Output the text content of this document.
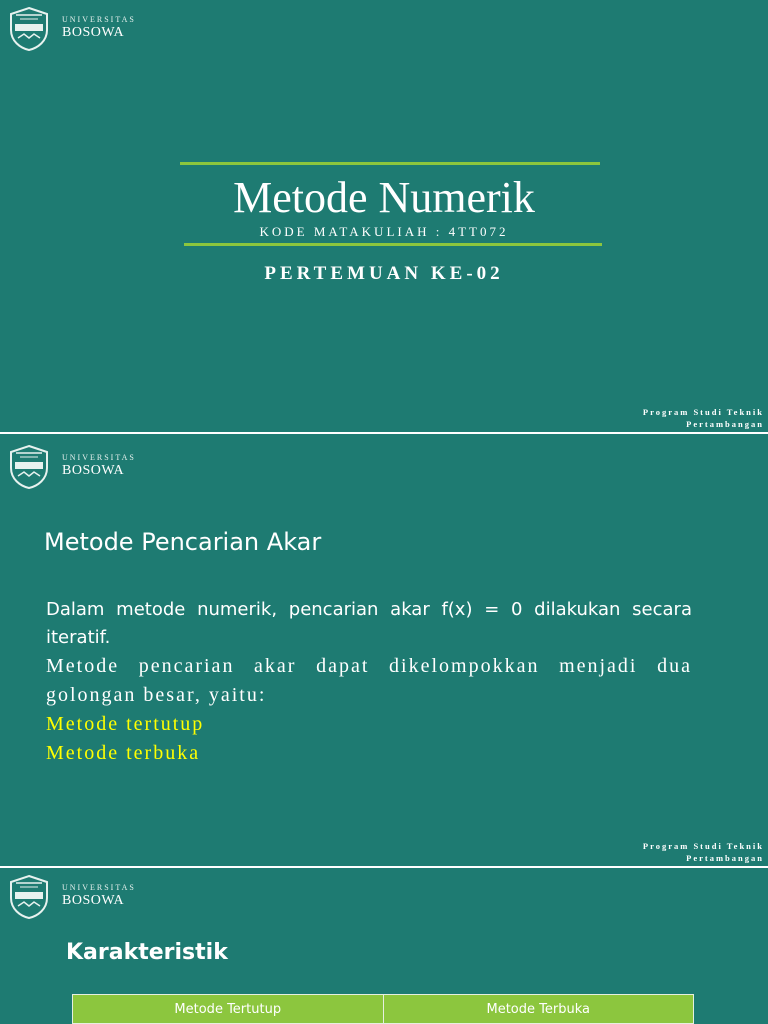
UNIVERSITAS
BOSOWA
Metode Numerik
KODE MATAKULIAH : 4TT072
PERTEMUAN KE-02
Program Studi Teknik
Pertambangan
UNIVERSITAS
BOSOWA
Metode Pencarian Akar

Dalam metode numerik, pencarian akar f(x) = 0 dilakukan secara iteratif.

Metode pencarian akar dapat dikelompokkan menjadi dua golongan besar, yaitu:

Metode tertutup

Metode terbuka

Program Studi Teknik
Pertambangan
UNIVERSITAS
BOSOWA
Karakteristik
Metode Tertutup	Metode Terbuka
